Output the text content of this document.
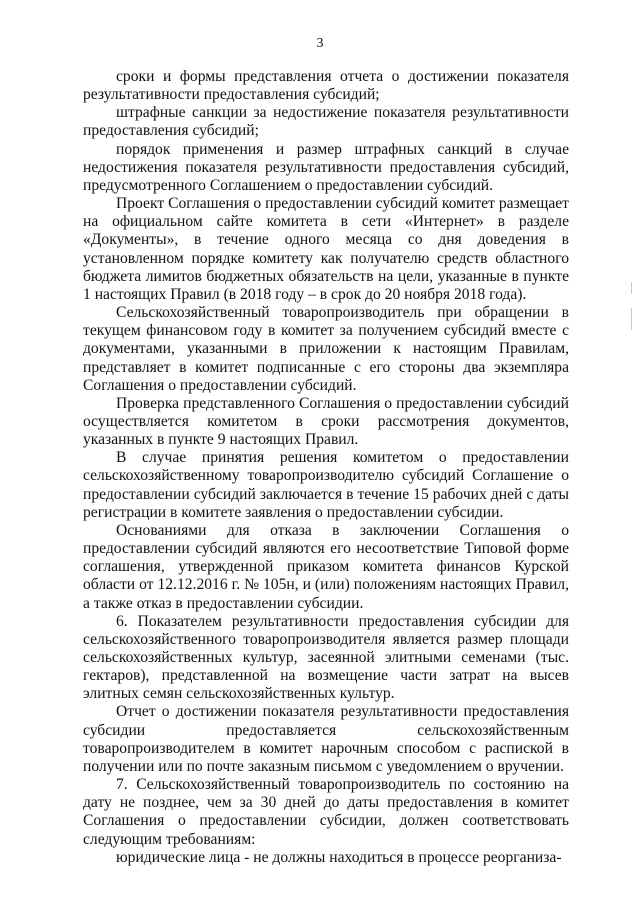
3

сроки и формы представления отчета о достижении показателя результативности предоставления субсидий;

штрафные санкции за недостижение показателя результативности предоставления субсидий;

порядок применения и размер штрафных санкций в случае недостижения показателя результативности предоставления субсидий, предусмотренного Соглашением о предоставлении субсидий.

Проект Соглашения о предоставлении субсидий комитет размещает на официальном сайте комитета в сети «Интернет» в разделе «Документы», в течение одного месяца со дня доведения в установленном порядке комитету как получателю средств областного бюджета лимитов бюджетных обязательств на цели, указанные в пункте 1 настоящих Правил (в 2018 году – в срок до 20 ноября 2018 года).

Сельскохозяйственный товаропроизводитель при обращении в текущем финансовом году в комитет за получением субсидий вместе с документами, указанными в приложении к настоящим Правилам, представляет в комитет подписанные с его стороны два экземпляра Соглашения о предоставлении субсидий.

Проверка представленного Соглашения о предоставлении субсидий осуществляется комитетом в сроки рассмотрения документов, указанных в пункте 9 настоящих Правил.

В случае принятия решения комитетом о предоставлении сельскохозяйственному товаропроизводителю субсидий Соглашение о предоставлении субсидий заключается в течение 15 рабочих дней с даты регистрации в комитете заявления о предоставлении субсидии.

Основаниями для отказа в заключении Соглашения о предоставлении субсидий являются его несоответствие Типовой форме соглашения, утвержденной приказом комитета финансов Курской области от 12.12.2016 г. № 105н, и (или) положениям настоящих Правил, а также отказ в предоставлении субсидии.

6. Показателем результативности предоставления субсидии для сельскохозяйственного товаропроизводителя является размер площади сельскохозяйственных культур, засеянной элитными семенами (тыс. гектаров), представленной на возмещение части затрат на высев элитных семян сельскохозяйственных культур.

Отчет о достижении показателя результативности предоставления субсидии предоставляется сельскохозяйственным товаропроизводителем в комитет нарочным способом с распиской в получении или по почте заказным письмом с уведомлением о вручении.

7. Сельскохозяйственный товаропроизводитель по состоянию на дату не позднее, чем за 30 дней до даты предоставления в комитет Соглашения о предоставлении субсидии, должен соответствовать следующим требованиям:

юридические лица - не должны находиться в процессе реорганиза-
